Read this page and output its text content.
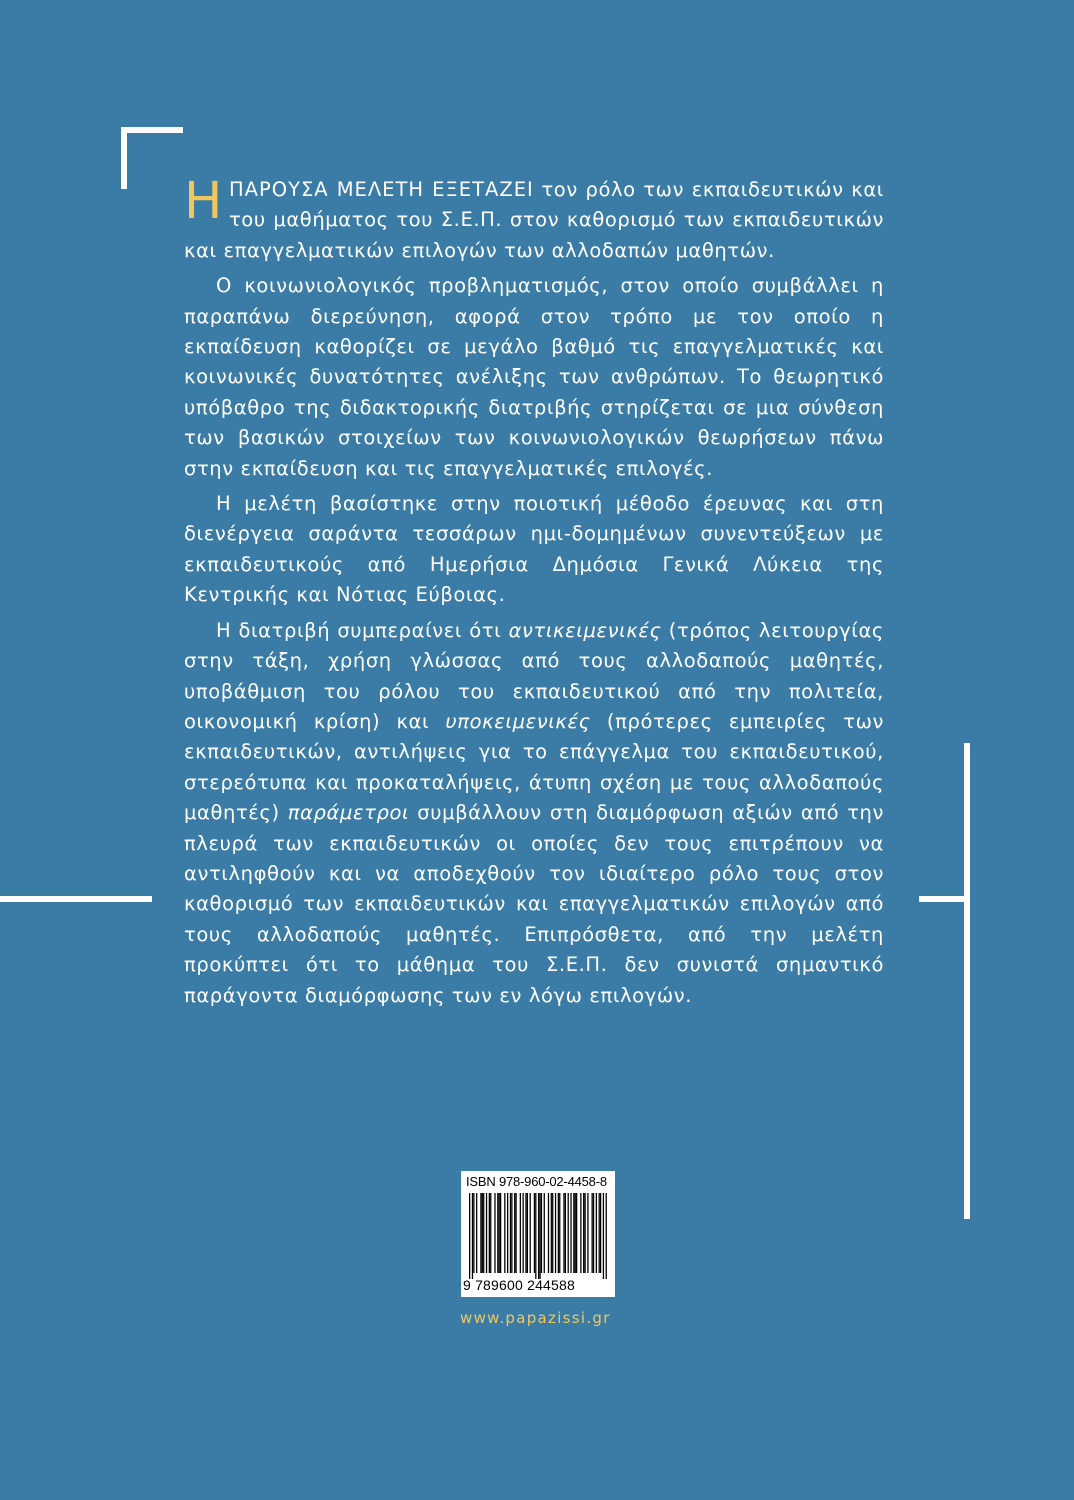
ΗΠΑΡΟΥΣΑ ΜΕΛΕΤΗ ΕΞΕΤΑΖΕΙ τον ρόλο των εκπαιδευτικών και του μαθήματος του Σ.Ε.Π. στον καθορισμό των εκπαιδευτικών και επαγγελματικών επιλογών των αλλοδαπών μαθητών.

Ο κοινωνιολογικός προβληματισμός, στον οποίο συμβάλλει η παραπάνω διερεύνηση, αφορά στον τρόπο με τον οποίο η εκπαίδευση καθορίζει σε μεγάλο βαθμό τις επαγγελματικές και κοινωνικές δυνατότητες ανέλιξης των ανθρώπων. Το θεωρητικό υπόβαθρο της διδακτορικής διατριβής στηρίζεται σε μια σύνθεση των βασικών στοιχείων των κοινωνιολογικών θεωρήσεων πάνω στην εκπαίδευση και τις επαγγελματικές επιλογές.

Η μελέτη βασίστηκε στην ποιοτική μέθοδο έρευνας και στη διενέργεια σαράντα τεσσάρων ημι-δομημένων συνεντεύξεων με εκπαιδευτικούς από Ημερήσια Δημόσια Γενικά Λύκεια της Κεντρικής και Νότιας Εύβοιας.

Η διατριβή συμπεραίνει ότι αντικειμενικές (τρόπος λειτουργίας στην τάξη, χρήση γλώσσας από τους αλλοδαπούς μαθητές, υποβάθμιση του ρόλου του εκπαιδευτικού από την πολιτεία, οικονομική κρίση) και υποκειμενικές (πρότερες εμπειρίες των εκπαιδευτικών, αντιλήψεις για το επάγγελμα του εκπαιδευτικού, στερεότυπα και προκαταλήψεις, άτυπη σχέση με τους αλλοδαπούς μαθητές) παράμετροι συμβάλλουν στη διαμόρφωση αξιών από την πλευρά των εκπαιδευτικών οι οποίες δεν τους επιτρέπουν να αντιληφθούν και να αποδεχθούν τον ιδιαίτερο ρόλο τους στον καθορισμό των εκπαιδευτικών και επαγγελματικών επιλογών από τους αλλοδαπούς μαθητές. Επιπρόσθετα, από την μελέτη προκύπτει ότι το μάθημα του Σ.Ε.Π. δεν συνιστά σημαντικό παράγοντα διαμόρφωσης των εν λόγω επιλογών.

ISBN 978-960-02-4458-8
9 789600 244588
www.papazissi.gr
